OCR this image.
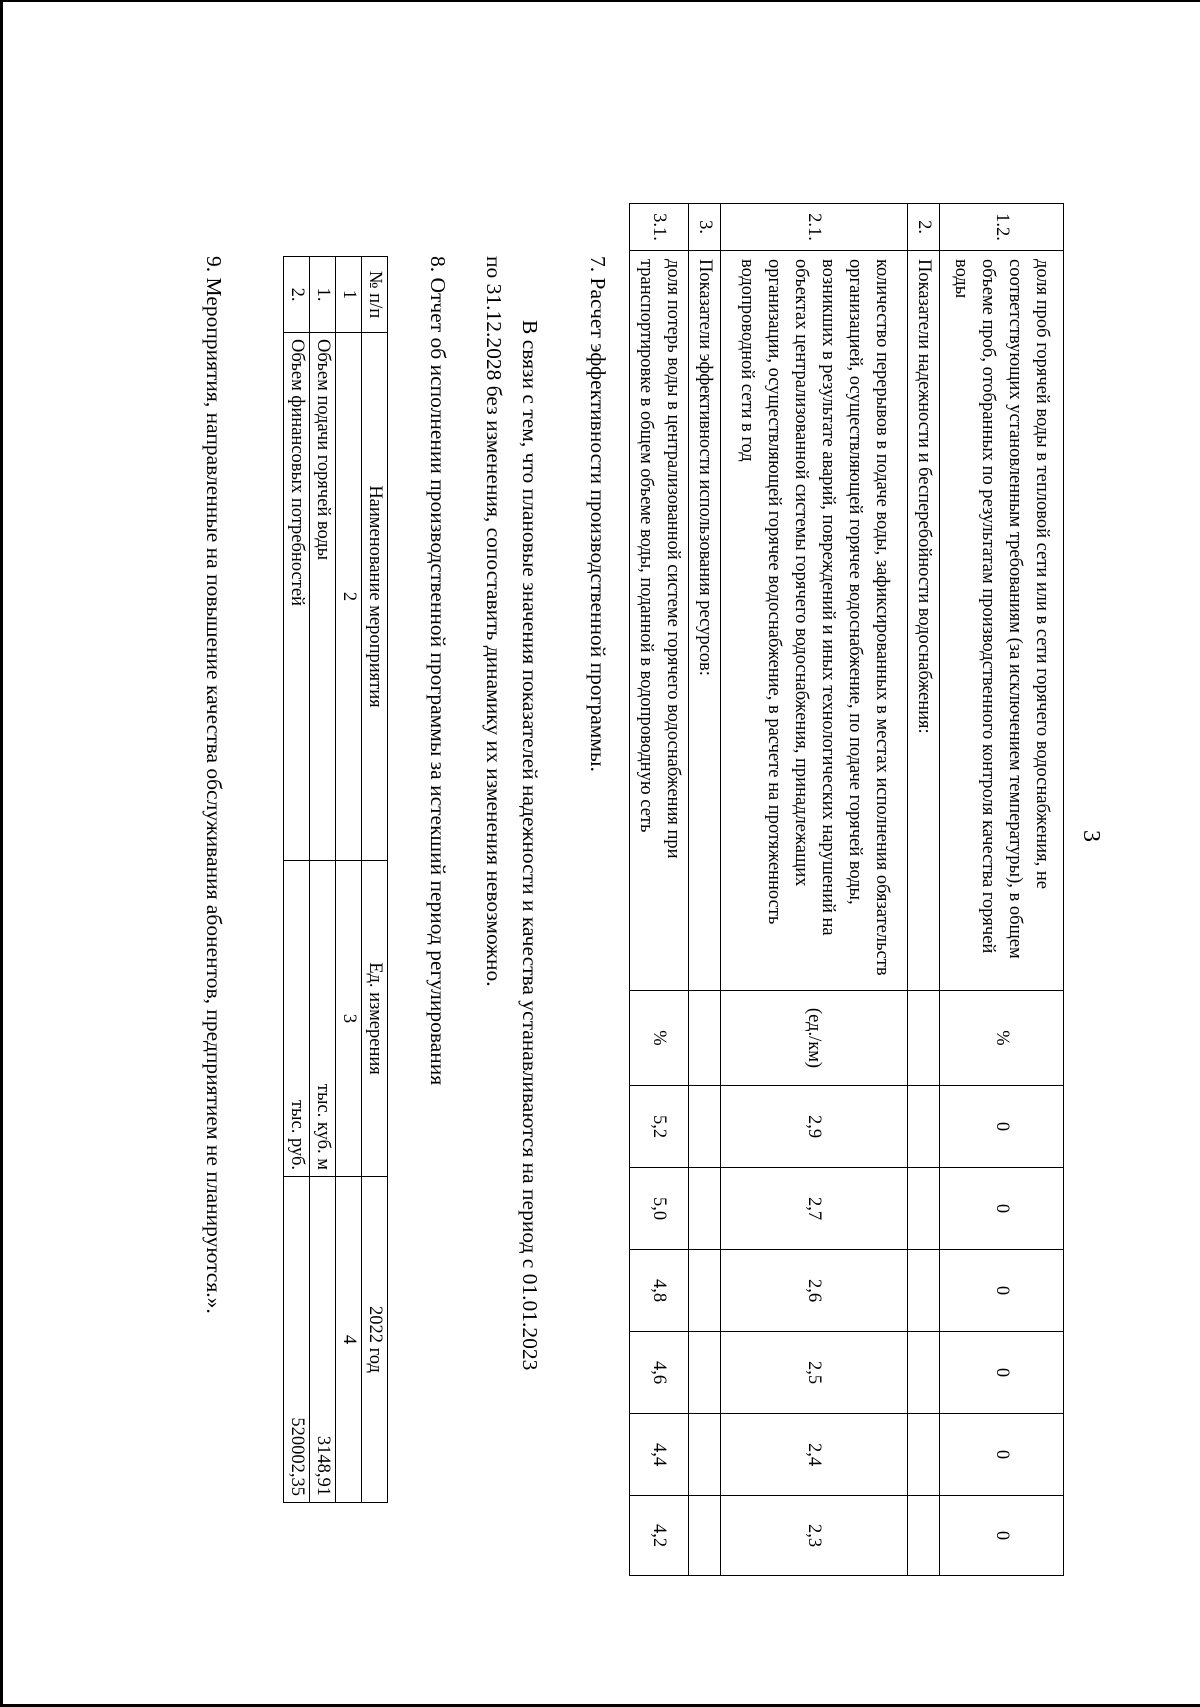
3
1.2.	доля проб горячей воды в тепловой сети или в сети горячего водоснабжения, не соответствующих установленным требованиям (за исключением температуры), в общем объеме проб, отобранных по результатам производственного контроля качества горячей воды	%	0	0	0	0	0	0
2.	Показатели надежности и бесперебойности водоснабжения:							
2.1.	количество перерывов в подаче воды, зафиксированных в местах исполнения обязательств организацией, осуществляющей горячее водоснабжение, по подаче горячей воды, возникших в результате аварий, повреждений и иных технологических нарушений на объектах централизованной системы горячего водоснабжения, принадлежащих организации, осуществляющей горячее водоснабжение, в расчете на протяженность водопроводной сети в год	(ед./км)	2,9	2,7	2,6	2,5	2,4	2,3
3.	Показатели эффективности использования ресурсов:							
3.1.	доля потерь воды в централизованной системе горячего водоснабжения при транспортировке в общем объеме воды, поданной в водопроводную сеть	%	5,2	5,0	4,8	4,6	4,4	4,2
7. Расчет эффективности производственной программы.
В связи с тем, что плановые значения показателей надежности и качества устанавливаются на период с 01.01.2023
по 31.12.2028 без изменения, сопоставить динамику их изменения невозможно.
8. Отчет об исполнении производственной программы за истекший период регулирования
№ п/п	Наименование мероприятия	Ед. измерения	2022 год
1	2	3	4
1.	Объем подачи горячей воды	тыс. куб. м	3148,91
2.	Объем финансовых потребностей	тыс. руб.	520002,35
9. Мероприятия, направленные на повышение качества обслуживания абонентов, предприятием не планируются.».
